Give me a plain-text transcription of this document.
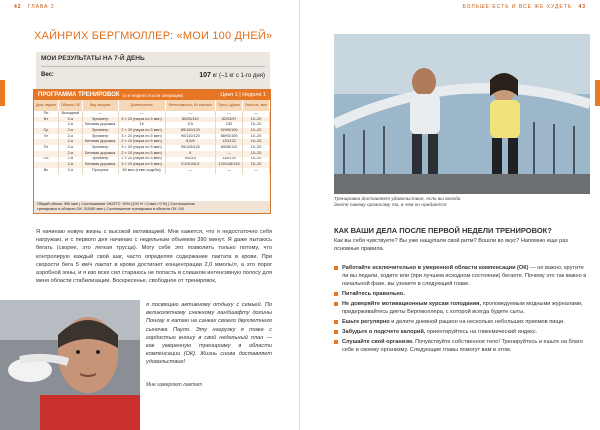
42 ГЛАВА 2
ХАЙНРИХ БЕРГМЮЛЛЕР: «МОИ 100 ДНЕЙ»
МОИ РЕЗУЛЬТАТЫ НА 7-Й ДЕНЬ
Вес:	107 кг (–1 кг с 1-го дня)
ПРОГРАММА ТРЕНИРОВОК (1-я неделя после операции)	Цикл 1 | Неделя 1
День недели	Область ОК	Вид нагрузки	Длительность	Интенсивность, Вт или км/ч	Пульс, уд/мин	Легкость, мин
Пн	Выходной	—	—	—	—	—
Вт	2-я	Эргометр	3 × 20 (пауза по 5 мин)	85/95/110	82/93/97	10–20
	2-я	Беговая дорожка	16	5,5	130	10–20
Ср	2-я	Эргометр	2 × 20 (пауза по 5 мин)	85/100/120	92/95/106	10–20
Чт	2-я	Эргометр	3 × 20 (пауза по 5 мин)	90/110/120	88/93/105	10–20
	2-я	Беговая дорожка	2 × 10 (пауза по 5 мин)	5,5/6	120/122	10–20
Пт	2-я	Эргометр	3 × 20 (пауза по 5 мин)	95/105/120	89/98/110	10–20
	2-я	Беговая дорожка	2 × 10 (пауза по 5 мин)	6	—	10–20
Сб	2-я	Эргометр	2 × 20 (пауза по 5 мин)	90/110	115/120	10–20
	2-я	Беговая дорожка	3 × 10 (пауза по 5 мин)	5,5/6,0/6,8	120/128/133	10–20
Вс	2-я	Прогулка	60 мин (темп ходьбы)	—	—	—
Общий объем: 390 мин | Соотношение ОК/ЛТС: 90% (100 % / 0 мин / 0 %) | Соотношение
тренировок в области ОК: 310/80 мин | Соотношение тренировок в области ОК: 0/0

Я начинаю новую жизнь с высокой мотивацией. Мне кажется, что я недостаточно себя нагружаю, и с первого дня начинаю с недельным объемом 390 минут. Я даже пытаюсь бегать (скорее, это легкая трусца). Могу себе это позволить только потому, что контролирую каждый свой шаг, часто определяя содержание лактата в крови. При скорости бега 5 км/ч лактат в крови достигает концентрации 2,0 ммоль/л, а это порог аэробной зоны, и я изо всех сил стараюсь не попасть в слишком интенсивную полосу для меня области стабилизации. Воскресенье, свободное от тренировок,

я посвящаю активному отдыху с семьей. По великолепному снежному ландшафту долины Понгау я катаю на санках своего двухлетнего сыночка Пауля. Эту нагрузку я тоже с гордостью вношу в свой недельный план — как умеренную тренировку в области компенсации (ОК). Жизнь снова доставляет удовольствие!

Мне измеряют лактат
БОЛЬШЕ ЕСТЬ И ВСЕ ЖЕ ХУДЕТЬ 43
Тренировка доставляет удовольствие, если вы всегда даете своему организму то, в чем он нуждается
КАК ВАШИ ДЕЛА ПОСЛЕ ПЕРВОЙ НЕДЕЛИ ТРЕНИРОВОК?

Как вы себя чувствуете? Вы уже нащупали свой ритм? Вошли во вкус? Напомню еще раз основные правила.

Работайте исключительно в умеренной области компенсации (ОК) — не важно, крутите ли вы педали, ходите или (при лучшем исходном состоянии) бегаете. Почему это так важно в начальной фазе, вы узнаете в следующей главе.
Питайтесь правильно.
Не доверяйте мотивационным курсам голодания, проповедуемым модными журналами, придерживайтесь диеты Бергмюллера, с которой всегда будете сыты.
Ешьте регулярно и делите дневной рацион на несколько небольших приемов пищи.
Забудьте о подсчете калорий, ориентируйтесь на гликемический индекс.
Слушайте свой организм. Почувствуйте собственное тело! Тренируйтесь и ешьте на благо себе и своему организму. Следующие главы помогут вам в этом.
